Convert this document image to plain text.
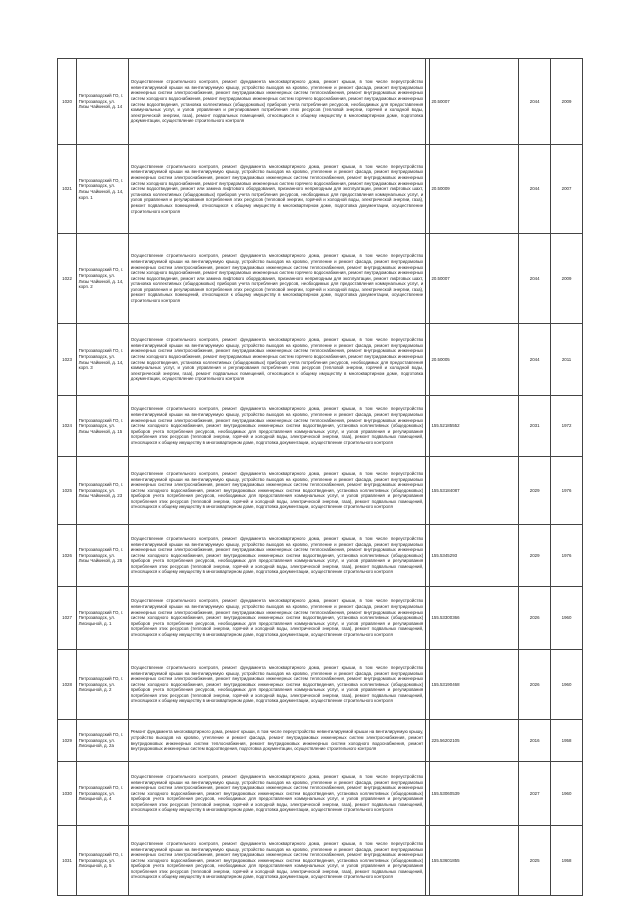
1020	Петрозаводский ГО, г. Петрозаводск, ул. Лизы Чайкиной, д. 14	Осуществление строительного контроля, ремонт фундамента многоквартирного дома, ремонт крыши, в том числе переустройство невентилируемой крыши на вентилируемую крышу, устройство выходов на кровлю, утепление и ремонт фасада, ремонт внутридомовых инженерных систем электроснабжения, ремонт внутридомовых инженерных систем теплоснабжения, ремонт внутридомовых инженерных систем холодного водоснабжения, ремонт внутридомовых инженерных систем горячего водоснабжения, ремонт внутридомовых инженерных систем водоотведения, установка коллективных (общедомовых) приборов учета потребления ресурсов, необходимых для предоставления коммунальных услуг, и узлов управления и регулирования потребления этих ресурсов (тепловой энергии, горячей и холодной воды, электрической энергии, газа), ремонт подвальных помещений, относящихся к общему имуществу в многоквартирном доме, подготовка документации, осуществление строительного контроля		20.50007	2044	2009
1021	Петрозаводский ГО, г. Петрозаводск, ул. Лизы Чайкиной, д. 14, корп. 1	Осуществление строительного контроля, ремонт фундамента многоквартирного дома, ремонт крыши, в том числе переустройство невентилируемой крыши на вентилируемую крышу, устройство выходов на кровлю, утепление и ремонт фасада, ремонт внутридомовых инженерных систем электроснабжения, ремонт внутридомовых инженерных систем теплоснабжения, ремонт внутридомовых инженерных систем холодного водоснабжения, ремонт внутридомовых инженерных систем горячего водоснабжения, ремонт внутридомовых инженерных систем водоотведения, ремонт или замена лифтового оборудования, признанного непригодным для эксплуатации, ремонт лифтовых шахт, установка коллективных (общедомовых) приборов учета потребления ресурсов, необходимых для предоставления коммунальных услуг, и узлов управления и регулирования потребления этих ресурсов (тепловой энергии, горячей и холодной воды, электрической энергии, газа), ремонт подвальных помещений, относящихся к общему имуществу в многоквартирном доме, подготовка документации, осуществление строительного контроля		20.50009	2044	2007
1022	Петрозаводский ГО, г. Петрозаводск, ул. Лизы Чайкиной, д. 14, корп. 2	Осуществление строительного контроля, ремонт фундамента многоквартирного дома, ремонт крыши, в том числе переустройство невентилируемой крыши на вентилируемую крышу, устройство выходов на кровлю, утепление и ремонт фасада, ремонт внутридомовых инженерных систем электроснабжения, ремонт внутридомовых инженерных систем теплоснабжения, ремонт внутридомовых инженерных систем холодного водоснабжения, ремонт внутридомовых инженерных систем горячего водоснабжения, ремонт внутридомовых инженерных систем водоотведения, ремонт или замена лифтового оборудования, признанного непригодным для эксплуатации, ремонт лифтовых шахт, установка коллективных (общедомовых) приборов учета потребления ресурсов, необходимых для предоставления коммунальных услуг, и узлов управления и регулирования потребления этих ресурсов (тепловой энергии, горячей и холодной воды, электрической энергии, газа), ремонт подвальных помещений, относящихся к общему имуществу в многоквартирном доме, подготовка документации, осуществление строительного контроля		20.50007	2044	2009
1023	Петрозаводский ГО, г. Петрозаводск, ул. Лизы Чайкиной, д. 14, корп. 3	Осуществление строительного контроля, ремонт фундамента многоквартирного дома, ремонт крыши, в том числе переустройство невентилируемой крыши на вентилируемую крышу, устройство выходов на кровлю, утепление и ремонт фасада, ремонт внутридомовых инженерных систем электроснабжения, ремонт внутридомовых инженерных систем теплоснабжения, ремонт внутридомовых инженерных систем холодного водоснабжения, ремонт внутридомовых инженерных систем горячего водоснабжения, ремонт внутридомовых инженерных систем водоотведения, установка коллективных (общедомовых) приборов учета потребления ресурсов, необходимых для предоставления коммунальных услуг, и узлов управления и регулирования потребления этих ресурсов (тепловой энергии, горячей и холодной воды, электрической энергии, газа), ремонт подвальных помещений, относящихся к общему имуществу в многоквартирном доме, подготовка документации, осуществление строительного контроля		20.50005	2044	2011
1024	Петрозаводский ГО, г. Петрозаводск, ул. Лизы Чайкиной, д. 15	Осуществление строительного контроля, ремонт фундамента многоквартирного дома, ремонт крыши, в том числе переустройство невентилируемой крыши на вентилируемую крышу, устройство выходов на кровлю, утепление и ремонт фасада, ремонт внутридомовых инженерных систем электроснабжения, ремонт внутридомовых инженерных систем теплоснабжения, ремонт внутридомовых инженерных систем холодного водоснабжения, ремонт внутридомовых инженерных систем водоотведения, установка коллективных (общедомовых) приборов учета потребления ресурсов, необходимых для предоставления коммунальных услуг, и узлов управления и регулирования потребления этих ресурсов (тепловой энергии, горячей и холодной воды, электрической энергии, газа), ремонт подвальных помещений, относящихся к общему имуществу в многоквартирном доме, подготовка документации, осуществление строительного контроля		155.52185552	2031	1972
1025	Петрозаводский ГО, г. Петрозаводск, ул. Лизы Чайкиной, д. 23	Осуществление строительного контроля, ремонт фундамента многоквартирного дома, ремонт крыши, в том числе переустройство невентилируемой крыши на вентилируемую крышу, устройство выходов на кровлю, утепление и ремонт фасада, ремонт внутридомовых инженерных систем электроснабжения, ремонт внутридомовых инженерных систем теплоснабжения, ремонт внутридомовых инженерных систем холодного водоснабжения, ремонт внутридомовых инженерных систем водоотведения, установка коллективных (общедомовых) приборов учета потребления ресурсов, необходимых для предоставления коммунальных услуг, и узлов управления и регулирования потребления этих ресурсов (тепловой энергии, горячей и холодной воды, электрической энергии, газа), ремонт подвальных помещений, относящихся к общему имуществу в многоквартирном доме, подготовка документации, осуществление строительного контроля		155.53184087	2029	1976
1026	Петрозаводский ГО, г. Петрозаводск, ул. Лизы Чайкиной, д. 25	Осуществление строительного контроля, ремонт фундамента многоквартирного дома, ремонт крыши, в том числе переустройство невентилируемой крыши на вентилируемую крышу, устройство выходов на кровлю, утепление и ремонт фасада, ремонт внутридомовых инженерных систем электроснабжения, ремонт внутридомовых инженерных систем теплоснабжения, ремонт внутридомовых инженерных систем холодного водоснабжения, ремонт внутридомовых инженерных систем водоотведения, установка коллективных (общедомовых) приборов учета потребления ресурсов, необходимых для предоставления коммунальных услуг, и узлов управления и регулирования потребления этих ресурсов (тепловой энергии, горячей и холодной воды, электрической энергии, газа), ремонт подвальных помещений, относящихся к общему имуществу в многоквартирном доме, подготовка документации, осуществление строительного контроля		155.5345293	2029	1976
1027	Петрозаводский ГО, г. Петрозаводск, ул. Лисицыной, д. 1	Осуществление строительного контроля, ремонт фундамента многоквартирного дома, ремонт крыши, в том числе переустройство невентилируемой крыши на вентилируемую крышу, устройство выходов на кровлю, утепление и ремонт фасада, ремонт внутридомовых инженерных систем электроснабжения, ремонт внутридомовых инженерных систем теплоснабжения, ремонт внутридомовых инженерных систем холодного водоснабжения, ремонт внутридомовых инженерных систем водоотведения, установка коллективных (общедомовых) приборов учета потребления ресурсов, необходимых для предоставления коммунальных услуг, и узлов управления и регулирования потребления этих ресурсов (тепловой энергии, горячей и холодной воды, электрической энергии, газа), ремонт подвальных помещений, относящихся к общему имуществу в многоквартирном доме, подготовка документации, осуществление строительного контроля		155.53300366	2026	1960
1028	Петрозаводский ГО, г. Петрозаводск, ул. Лисицыной, д. 2	Осуществление строительного контроля, ремонт фундамента многоквартирного дома, ремонт крыши, в том числе переустройство невентилируемой крыши на вентилируемую крышу, устройство выходов на кровлю, утепление и ремонт фасада, ремонт внутридомовых инженерных систем электроснабжения, ремонт внутридомовых инженерных систем теплоснабжения, ремонт внутридомовых инженерных систем холодного водоснабжения, ремонт внутридомовых инженерных систем водоотведения, установка коллективных (общедомовых) приборов учета потребления ресурсов, необходимых для предоставления коммунальных услуг, и узлов управления и регулирования потребления этих ресурсов (тепловой энергии, горячей и холодной воды, электрической энергии, газа), ремонт подвальных помещений, относящихся к общему имуществу в многоквартирном доме, подготовка документации, осуществление строительного контроля		155.53190468	2026	1960
1029	Петрозаводский ГО, г. Петрозаводск, ул. Лисицыной, д. 2а	Ремонт фундамента многоквартирного дома, ремонт крыши, в том числе переустройство невентилируемой крыши на вентилируемую крышу, устройство выходов на кровлю, утепление и ремонт фасада, ремонт внутридомовых инженерных систем электроснабжения, ремонт внутридомовых инженерных систем теплоснабжения, ремонт внутридомовых инженерных систем холодного водоснабжения, ремонт внутридомовых инженерных систем водоотведения, подготовка документации, осуществление строительного контроля		225.56202105	2016	1958
1030	Петрозаводский ГО, г. Петрозаводск, ул. Лисицыной, д. 4	Осуществление строительного контроля, ремонт фундамента многоквартирного дома, ремонт крыши, в том числе переустройство невентилируемой крыши на вентилируемую крышу, устройство выходов на кровлю, утепление и ремонт фасада, ремонт внутридомовых инженерных систем электроснабжения, ремонт внутридомовых инженерных систем теплоснабжения, ремонт внутридомовых инженерных систем холодного водоснабжения, ремонт внутридомовых инженерных систем водоотведения, установка коллективных (общедомовых) приборов учета потребления ресурсов, необходимых для предоставления коммунальных услуг, и узлов управления и регулирования потребления этих ресурсов (тепловой энергии, горячей и холодной воды, электрической энергии, газа), ремонт подвальных помещений, относящихся к общему имуществу в многоквартирном доме, подготовка документации, осуществление строительного контроля		155.53060539	2027	1960
1031	Петрозаводский ГО, г. Петрозаводск, ул. Лисицыной, д. 5	Осуществление строительного контроля, ремонт фундамента многоквартирного дома, ремонт крыши, в том числе переустройство невентилируемой крыши на вентилируемую крышу, устройство выходов на кровлю, утепление и ремонт фасада, ремонт внутридомовых инженерных систем электроснабжения, ремонт внутридомовых инженерных систем теплоснабжения, ремонт внутридомовых инженерных систем холодного водоснабжения, ремонт внутридомовых инженерных систем водоотведения, установка коллективных (общедомовых) приборов учета потребления ресурсов, необходимых для предоставления коммунальных услуг, и узлов управления и регулирования потребления этих ресурсов (тепловой энергии, горячей и холодной воды, электрической энергии, газа), ремонт подвальных помещений, относящихся к общему имуществу в многоквартирном доме, подготовка документации, осуществление строительного контроля		155.53601855	2025	1958
